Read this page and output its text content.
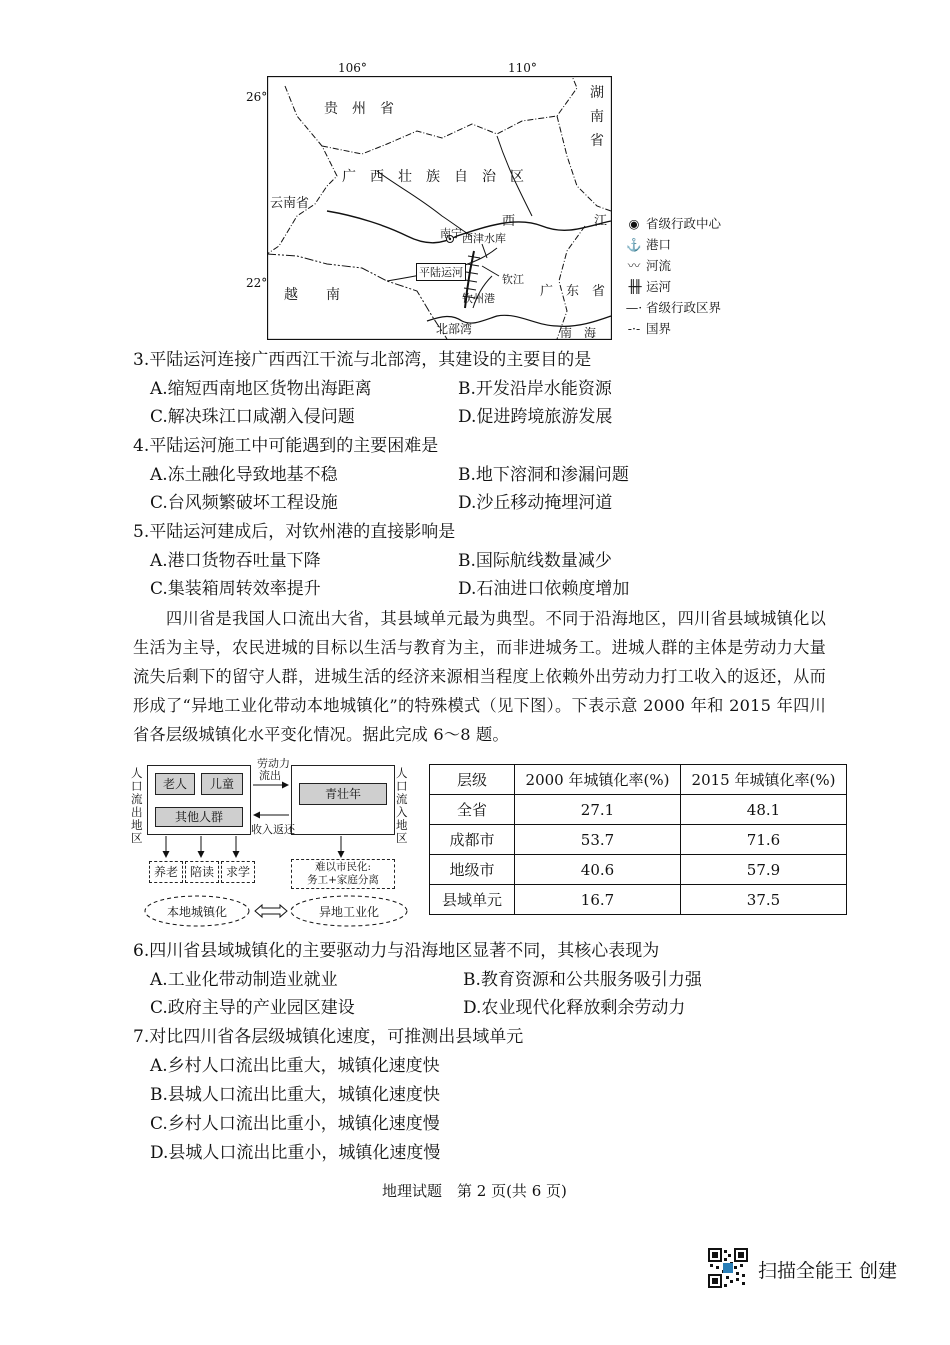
106°	110°
26°
22°
贵　州　省
湖
南
省
广　西　壮　族　自　治　区
云南省
南宁 西津水库
西	江
平陆运河
钦江
钦州港
越　　南	广　东　省
北部湾	南　海
◉ 省级行政中心
⚓ 港口
〰 河流
╫╫ 运河
—· 省级行政区界
-·- 国界
3.平陆运河连接广西西江干流与北部湾，其建设的主要目的是
A.缩短西南地区货物出海距离	B.开发沿岸水能资源
C.解决珠江口咸潮入侵问题	D.促进跨境旅游发展
4.平陆运河施工中可能遇到的主要困难是
A.冻土融化导致地基不稳	B.地下溶洞和渗漏问题
C.台风频繁破坏工程设施	D.沙丘移动掩埋河道
5.平陆运河建成后，对钦州港的直接影响是
A.港口货物吞吐量下降	B.国际航线数量减少
C.集装箱周转效率提升	D.石油进口依赖度增加
四川省是我国人口流出大省，其县域单元最为典型。不同于沿海地区，四川省县域城镇化以生活为主导，农民进城的目标以生活与教育为主，而非进城务工。进城人群的主体是劳动力大量流失后剩下的留守人群，进城生活的经济来源相当程度上依赖外出劳动力打工收入的返还，从而形成了“异地工业化带动本地城镇化”的特殊模式（见下图）。下表示意 2000 年和 2015 年四川省各层级城镇化水平变化情况。据此完成 6～8 题。
人口流出地区
人口流入地区
老人	儿童
其他人群
青壮年
劳动力
流出
收入返还
养老 陪读 求学	难以市民化:
务工+家庭分离
本地城镇化	异地工业化
层级	2000 年城镇化率(%)	2015 年城镇化率(%)
全省	27.1	48.1
成都市	53.7	71.6
地级市	40.6	57.9
县域单元	16.7	37.5
6.四川省县域城镇化的主要驱动力与沿海地区显著不同，其核心表现为
A.工业化带动制造业就业	B.教育资源和公共服务吸引力强
C.政府主导的产业园区建设	D.农业现代化释放剩余劳动力
7.对比四川省各层级城镇化速度，可推测出县域单元
A.乡村人口流出比重大，城镇化速度快
B.县城人口流出比重大，城镇化速度快
C.乡村人口流出比重小，城镇化速度慢
D.县城人口流出比重小，城镇化速度慢
地理试题　第 2 页(共 6 页)
扫描全能王 创建
